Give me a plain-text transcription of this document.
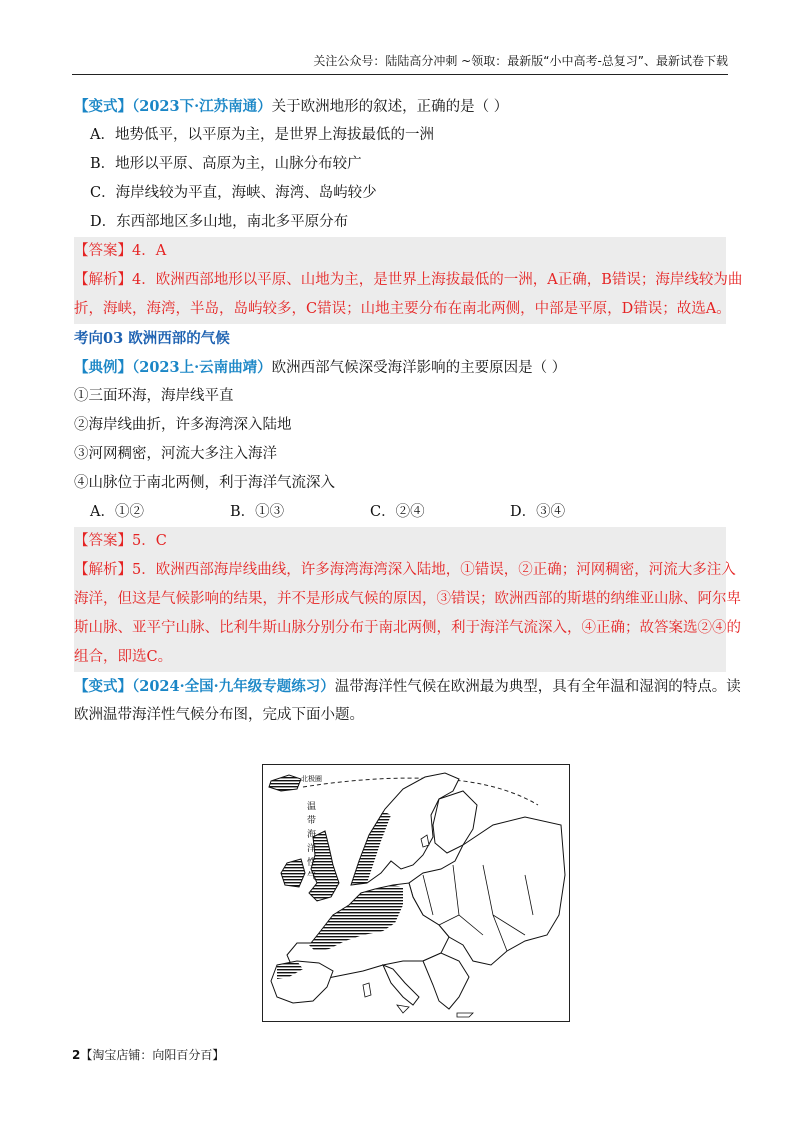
关注公众号：陆陆高分冲刺 ~领取：最新版“小中高考-总复习”、最新试卷下载
【变式】（2023下·江苏南通）关于欧洲地形的叙述，正确的是（ ）
A．地势低平，以平原为主，是世界上海拔最低的一洲
B．地形以平原、高原为主，山脉分布较广
C．海岸线较为平直，海峡、海湾、岛屿较少
D．东西部地区多山地，南北多平原分布
【答案】4．A
【解析】4．欧洲西部地形以平原、山地为主，是世界上海拔最低的一洲，A正确，B错误；海岸线较为曲
折，海峡，海湾，半岛，岛屿较多，C错误；山地主要分布在南北两侧，中部是平原，D错误；故选A。
考向03 欧洲西部的气候
【典例】（2023上·云南曲靖）欧洲西部气候深受海洋影响的主要原因是（ ）
①三面环海，海岸线平直
②海岸线曲折，许多海湾深入陆地
③河网稠密，河流大多注入海洋
④山脉位于南北两侧，利于海洋气流深入
A．①②	B．①③	C．②④	D．③④
【答案】5．C
【解析】5．欧洲西部海岸线曲线，许多海湾海湾深入陆地，①错误，②正确；河网稠密，河流大多注入
海洋，但这是气候影响的结果，并不是形成气候的原因，③错误；欧洲西部的斯堪的纳维亚山脉、阿尔卑
斯山脉、亚平宁山脉、比利牛斯山脉分别分布于南北两侧，利于海洋气流深入，④正确；故答案选②④的
组合，即选C。
【变式】（2024·全国·九年级专题练习）温带海洋性气候在欧洲最为典型，具有全年温和湿润的特点。读
欧洲温带海洋性气候分布图，完成下面小题。
北极圈
温
带
海
洋
性
气
2【淘宝店铺：向阳百分百】
